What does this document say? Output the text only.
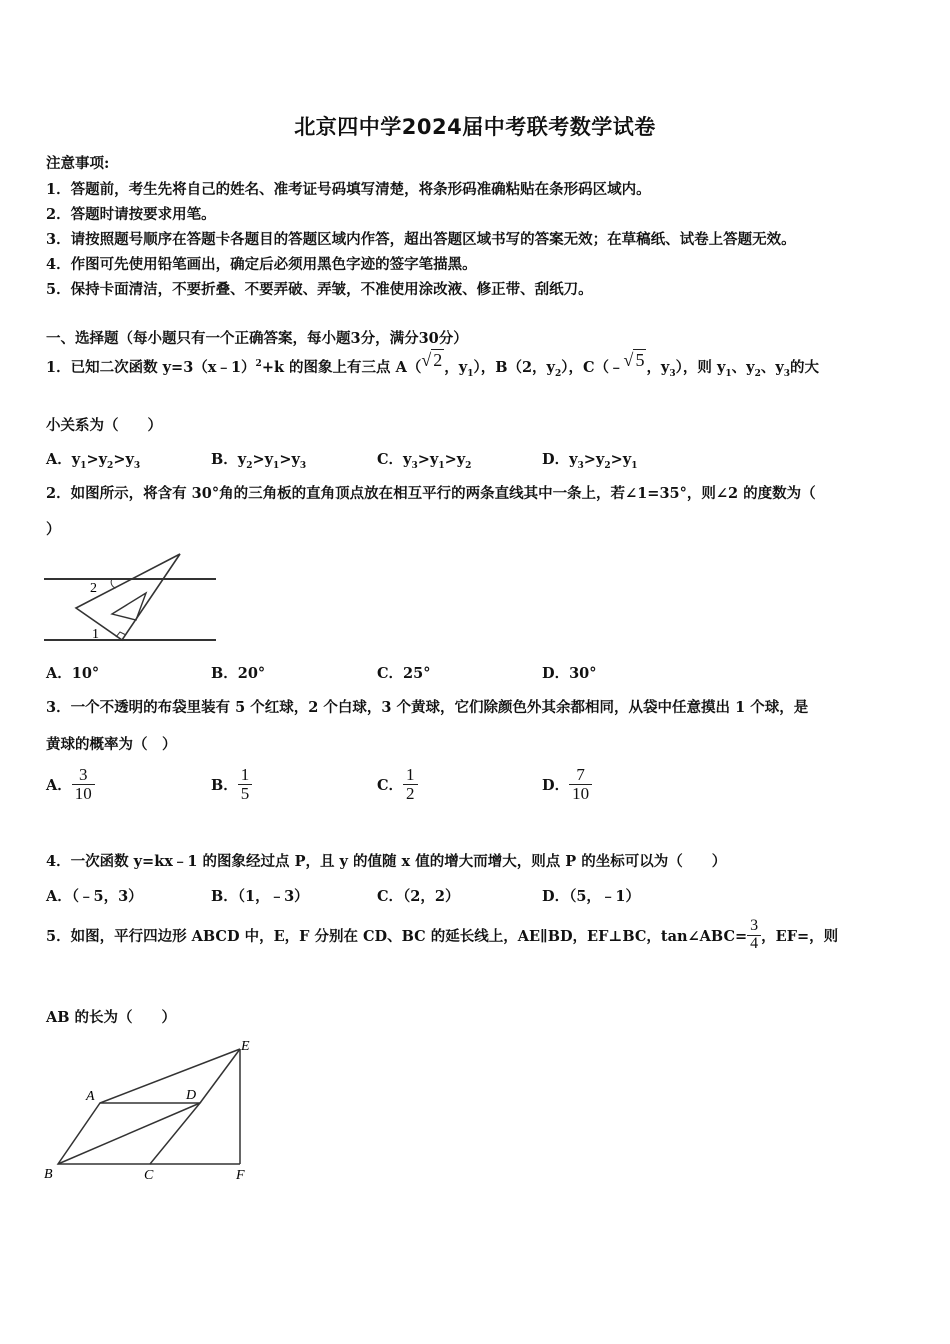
北京四中学2024届中考联考数学试卷
注意事项:
1．答题前，考生先将自己的姓名、准考证号码填写清楚，将条形码准确粘贴在条形码区域内。
2．答题时请按要求用笔。
3．请按照题号顺序在答题卡各题目的答题区域内作答，超出答题区域书写的答案无效；在草稿纸、试卷上答题无效。
4．作图可先使用铅笔画出，确定后必须用黑色字迹的签字笔描黑。
5．保持卡面清洁，不要折叠、不要弄破、弄皱，不准使用涂改液、修正带、刮纸刀。
一、选择题（每小题只有一个正确答案，每小题3分，满分30分）
1．已知二次函数 y=3（x﹣1）$^2$+k 的图象上有三点 A（√ 2 ，$y_1$），B（2，$y_2$），C（﹣√ 5 ，$y_3$），则 $y_1$、$y_2$、$y_3$的大
小关系为（　　）
A．$y_1>y_2>y_3$	B．$y_2>y_1>y_3$	C．$y_3>y_1>y_2$	D．$y_3>y_2>y_1$
2．如图所示，将含有 30°角的三角板的直角顶点放在相互平行的两条直线其中一条上，若∠1=35°，则∠2 的度数为（
）
2
1
A．10°	B．20°	C．25°	D．30°
3．一个不透明的布袋里装有 5 个红球，2 个白球，3 个黄球，它们除颜色外其余都相同，从袋中任意摸出 1 个球，是
黄球的概率为（　）
A． $\frac{3}{10}$	B． $\frac{1}{5}$	C． $\frac{1}{2}$	D． $\frac{7}{10}$
4．一次函数 y=kx﹣1 的图象经过点 P，且 y 的值随 x 值的增大而增大，则点 P 的坐标可以为（　　）
A．（﹣5，3）	B．（1，﹣3）	C．（2，2）	D．（5，﹣1）
5．如图，平行四边形 ABCD 中，E，F 分别在 CD、BC 的延长线上，AE∥BD，EF⊥BC，tan∠ABC= $\frac{3}{4}$ ，EF=，则
AB 的长为（　　）
A
B	C
D
E
F
